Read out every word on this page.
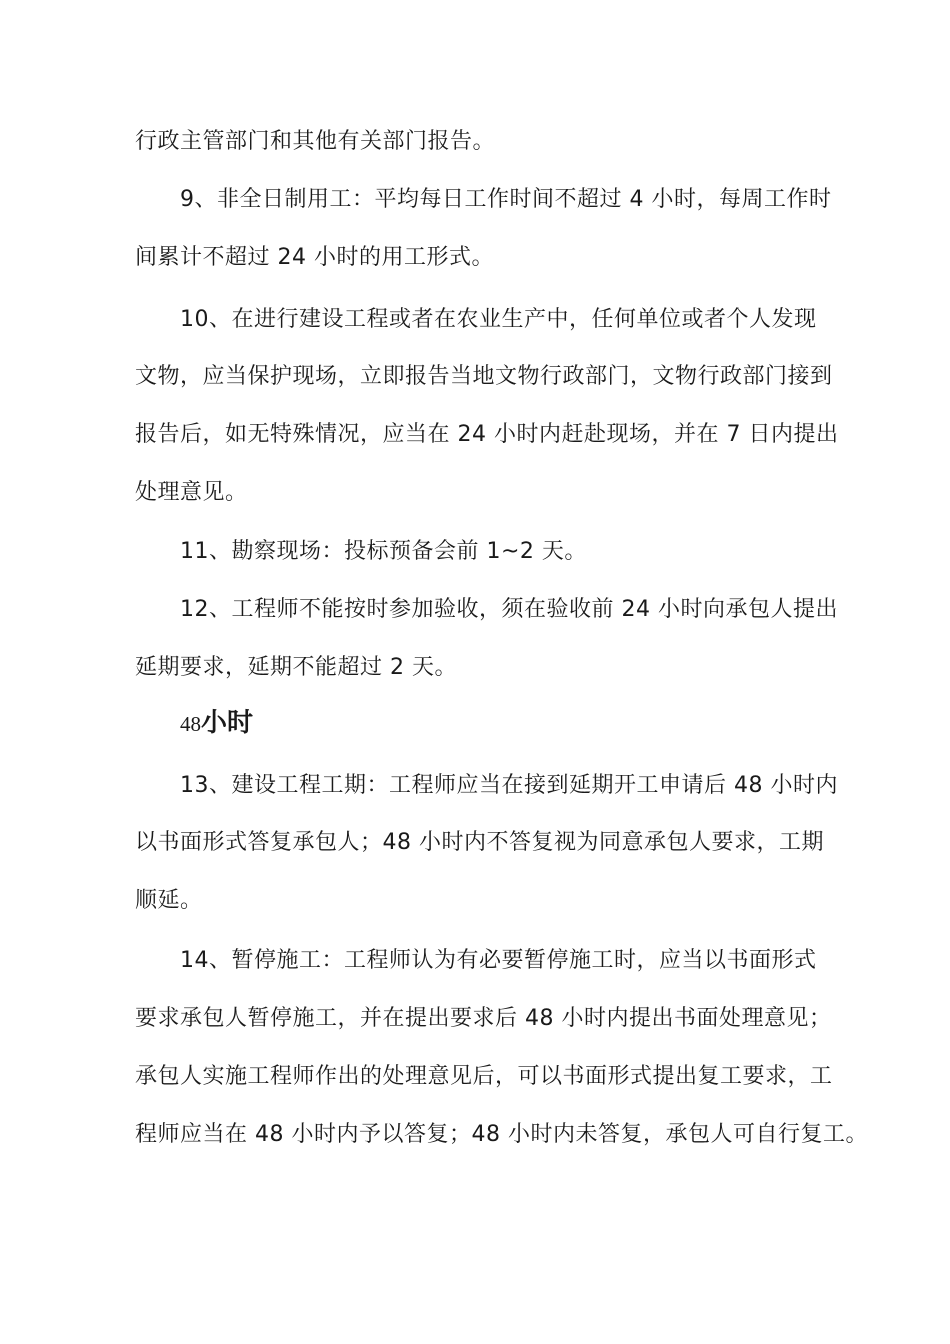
行政主管部门和其他有关部门报告。
9、非全日制用工：平均每日工作时间不超过 4 小时，每周工作时
间累计不超过 24 小时的用工形式。
10、在进行建设工程或者在农业生产中，任何单位或者个人发现
文物，应当保护现场，立即报告当地文物行政部门，文物行政部门接到
报告后，如无特殊情况，应当在 24 小时内赶赴现场，并在 7 日内提出
处理意见。
11、勘察现场：投标预备会前 1~2 天。
12、工程师不能按时参加验收，须在验收前 24 小时向承包人提出
延期要求，延期不能超过 2 天。
48小时
13、建设工程工期：工程师应当在接到延期开工申请后 48 小时内
以书面形式答复承包人；48 小时内不答复视为同意承包人要求，工期
顺延。
14、暂停施工：工程师认为有必要暂停施工时，应当以书面形式
要求承包人暂停施工，并在提出要求后 48 小时内提出书面处理意见；
承包人实施工程师作出的处理意见后，可以书面形式提出复工要求，工
程师应当在 48 小时内予以答复；48 小时内未答复，承包人可自行复工。
